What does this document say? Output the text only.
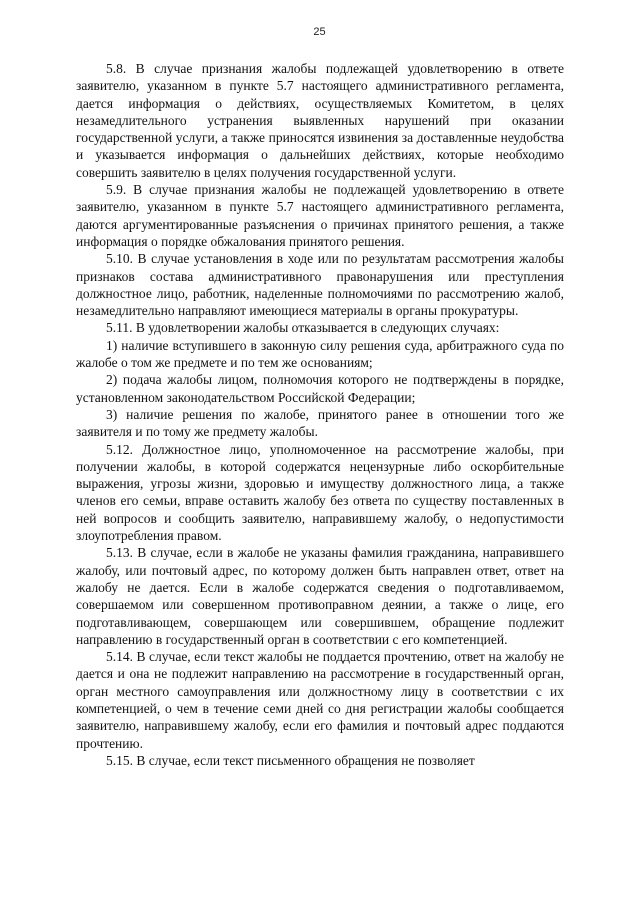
25

5.8. В случае признания жалобы подлежащей удовлетворению в ответе заявителю, указанном в пункте 5.7 настоящего административного регламента, дается информация о действиях, осуществляемых Комитетом, в целях незамедлительного устранения выявленных нарушений при оказании государственной услуги, а также приносятся извинения за доставленные неудобства и указывается информация о дальнейших действиях, которые необходимо совершить заявителю в целях получения государственной услуги.

5.9. В случае признания жалобы не подлежащей удовлетворению в ответе заявителю, указанном в пункте 5.7 настоящего административного регламента, даются аргументированные разъяснения о причинах принятого решения, а также информация о порядке обжалования принятого решения.

5.10. В случае установления в ходе или по результатам рассмотрения жалобы признаков состава административного правонарушения или преступления должностное лицо, работник, наделенные полномочиями по рассмотрению жалоб, незамедлительно направляют имеющиеся материалы в органы прокуратуры.

5.11. В удовлетворении жалобы отказывается в следующих случаях:

1) наличие вступившего в законную силу решения суда, арбитражного суда по жалобе о том же предмете и по тем же основаниям;

2) подача жалобы лицом, полномочия которого не подтверждены в порядке, установленном законодательством Российской Федерации;

3) наличие решения по жалобе, принятого ранее в отношении того же заявителя и по тому же предмету жалобы.

5.12. Должностное лицо, уполномоченное на рассмотрение жалобы, при получении жалобы, в которой содержатся нецензурные либо оскорбительные выражения, угрозы жизни, здоровью и имуществу должностного лица, а также членов его семьи, вправе оставить жалобу без ответа по существу поставленных в ней вопросов и сообщить заявителю, направившему жалобу, о недопустимости злоупотребления правом.

5.13. В случае, если в жалобе не указаны фамилия гражданина, направившего жалобу, или почтовый адрес, по которому должен быть направлен ответ, ответ на жалобу не дается. Если в жалобе содержатся сведения о подготавливаемом, совершаемом или совершенном противоправном деянии, а также о лице, его подготавливающем, совершающем или совершившем, обращение подлежит направлению в государственный орган в соответствии с его компетенцией.

5.14. В случае, если текст жалобы не поддается прочтению, ответ на жалобу не дается и она не подлежит направлению на рассмотрение в государственный орган, орган местного самоуправления или должностному лицу в соответствии с их компетенцией, о чем в течение семи дней со дня регистрации жалобы сообщается заявителю, направившему жалобу, если его фамилия и почтовый адрес поддаются прочтению.

5.15. В случае, если текст письменного обращения не позволяет
